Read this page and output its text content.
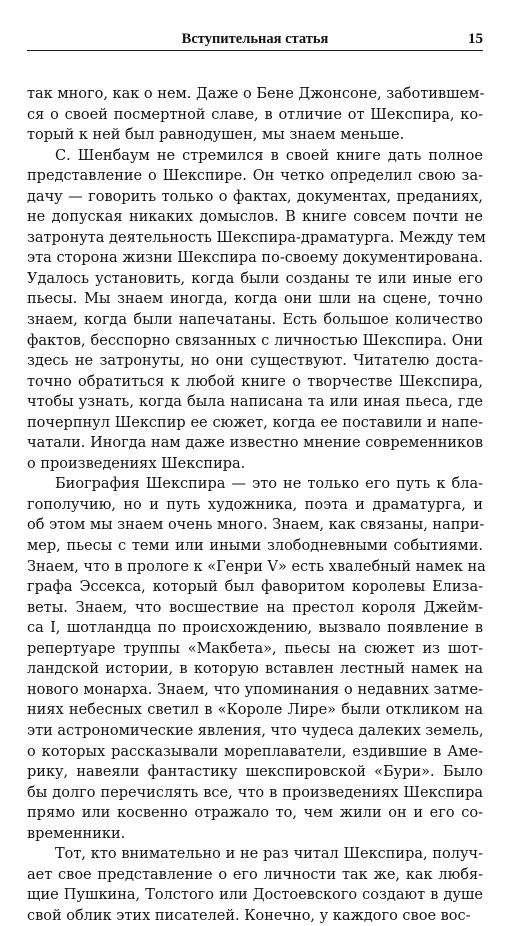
Вступительная статья	15
так много, как о нем. Даже о Бене Джонсоне, заботившем-
ся о своей посмертной славе, в отличие от Шекспира, ко-
торый к ней был равнодушен, мы знаем меньше.
С. Шенбаум не стремился в своей книге дать полное
представление о Шекспире. Он четко определил свою за-
дачу — говорить только о фактах, документах, преданиях,
не допуская никаких домыслов. В книге совсем почти не
затронута деятельность Шекспира-драматурга. Между тем
эта сторона жизни Шекспира по-своему документирована.
Удалось установить, когда были созданы те или иные его
пьесы. Мы знаем иногда, когда они шли на сцене, точно
знаем, когда были напечатаны. Есть большое количество
фактов, бесспорно связанных с личностью Шекспира. Они
здесь не затронуты, но они существуют. Читателю доста-
точно обратиться к любой книге о творчестве Шекспира,
чтобы узнать, когда была написана та или иная пьеса, где
почерпнул Шекспир ее сюжет, когда ее поставили и напе-
чатали. Иногда нам даже известно мнение современников
о произведениях Шекспира.
Биография Шекспира — это не только его путь к бла-
гополучию, но и путь художника, поэта и драматурга, и
об этом мы знаем очень много. Знаем, как связаны, напри-
мер, пьесы с теми или иными злободневными событиями.
Знаем, что в прологе к «Генри V» есть хвалебный намек на
графа Эссекса, который был фаворитом королевы Елиза-
веты. Знаем, что восшествие на престол короля Джейм-
са I, шотландца по происхождению, вызвало появление в
репертуаре труппы «Макбета», пьесы на сюжет из шот-
ландской истории, в которую вставлен лестный намек на
нового монарха. Знаем, что упоминания о недавних затме-
ниях небесных светил в «Короле Лире» были откликом на
эти астрономические явления, что чудеса далеких земель,
о которых рассказывали мореплаватели, ездившие в Аме-
рику, навеяли фантастику шекспировской «Бури». Было
бы долго перечислять все, что в произведениях Шекспира
прямо или косвенно отражало то, чем жили он и его со-
временники.
Тот, кто внимательно и не раз читал Шекспира, получ-
ает свое представление о его личности так же, как любя-
щие Пушкина, Толстого или Достоевского создают в душе
свой облик этих писателей. Конечно, у каждого свое вос-
